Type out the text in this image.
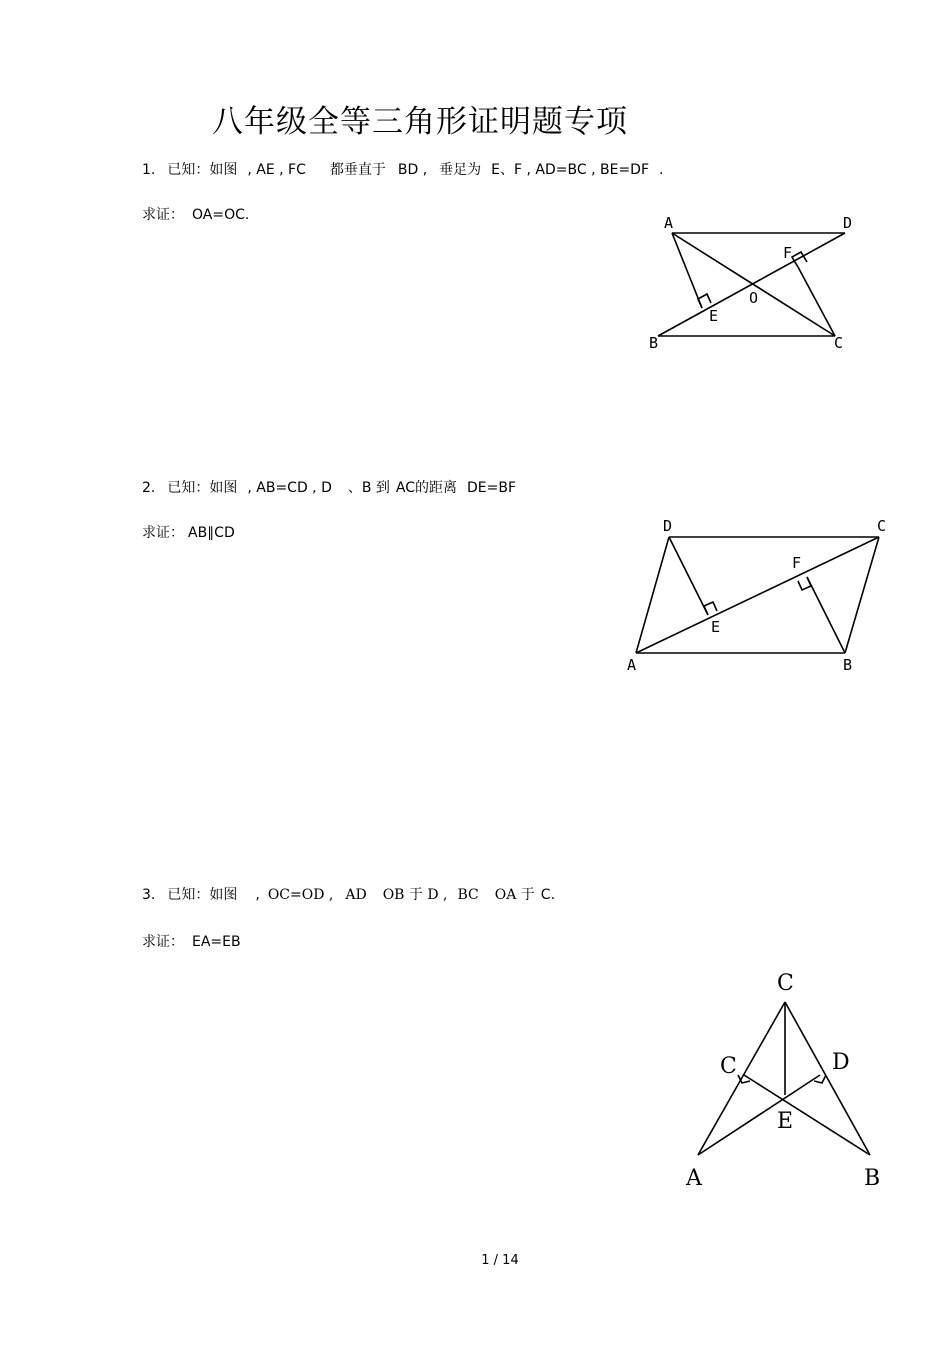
八年级全等三角形证明题专项
1. 已知：如图 , AE , FC 都垂直于 BD , 垂足为 E、F , AD=BC , BE=DF .
求证： OA=OC.	A	D
F
O
E
B	C
2. 已知：如图 , AB=CD , D 、B 到 AC的距离 DE=BF
求证： AB∥CD	D	C
F
E
A	B
3. 已知：如图 , OC=OD , AD OB 于 D , BC OA 于 C.
求证： EA=EB
C
C	D
E
A	B
1 / 14
